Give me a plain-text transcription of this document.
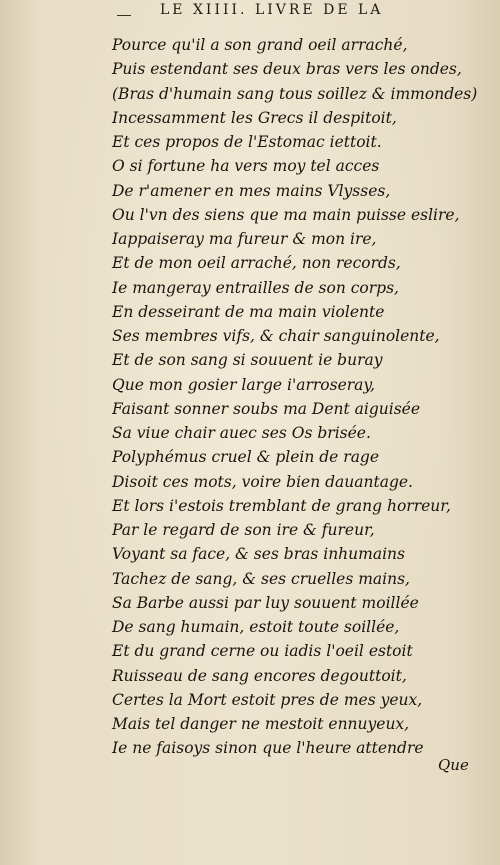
LE XIIII. LIVRE DE LA
Pource qu'il a son grand oeil arraché,
Puis estendant ses deux bras vers les ondes,
(Bras d'humain sang tous soillez & immondes)
Incessamment les Grecs il despitoit,
Et ces propos de l'Estomac iettoit.
O si fortune ha vers moy tel acces
De r'amener en mes mains Vlysses,
Ou l'vn des siens que ma main puisse eslire,
Iappaiseray ma fureur & mon ire,
Et de mon oeil arraché, non records,
Ie mangeray entrailles de son corps,
En desseirant de ma main violente
Ses membres vifs, & chair sanguinolente,
Et de son sang si souuent ie buray
Que mon gosier large i'arroseray,
Faisant sonner soubs ma Dent aiguisée
Sa viue chair auec ses Os brisée.
Polyphémus cruel & plein de rage
Disoit ces mots, voire bien dauantage.
Et lors i'estois tremblant de grang horreur,
Par le regard de son ire & fureur,
Voyant sa face, & ses bras inhumains
Tachez de sang, & ses cruelles mains,
Sa Barbe aussi par luy souuent moillée
De sang humain, estoit toute soillée,
Et du grand cerne ou iadis l'oeil estoit
Ruisseau de sang encores degouttoit,
Certes la Mort estoit pres de mes yeux,
Mais tel danger ne mestoit ennuyeux,
Ie ne faisoys sinon que l'heure attendre
Que
